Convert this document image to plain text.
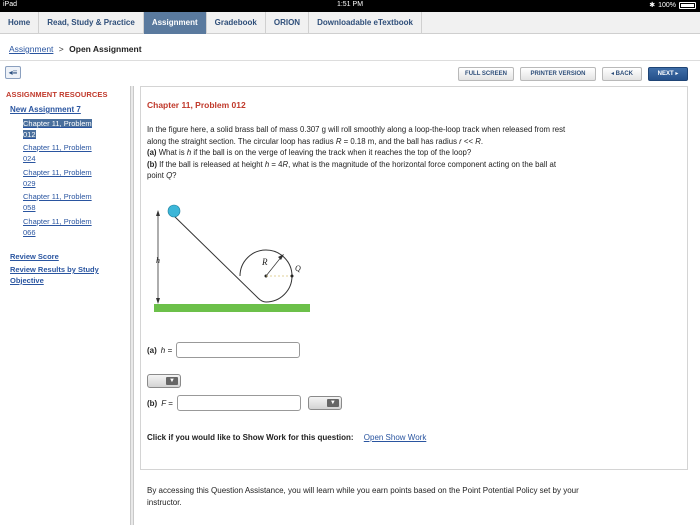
iPad	1:51 PM	✱ 100%
Home	Read, Study & Practice	Assignment	Gradebook	ORION	Downloadable eTextbook
Assignment > Open Assignment
◂≡	FULL SCREEN	PRINTER VERSION	◂ BACK	NEXT ▸
ASSIGNMENT RESOURCES
New Assignment 7
Chapter 11, Problem
012
Chapter 11, Problem
024
Chapter 11, Problem
029
Chapter 11, Problem
058
Chapter 11, Problem
066
Review Score
Review Results by Study
Objective
Chapter 11, Problem 012
In the figure here, a solid brass ball of mass 0.307 g will roll smoothly along a loop-the-loop track when released from rest
along the straight section. The circular loop has radius R = 0.18 m, and the ball has radius r << R.
(a) What is h if the ball is on the verge of leaving the track when it reaches the top of the loop?
(b) If the ball is released at height h = 4R, what is the magnitude of the horizontal force component acting on the ball at
point Q?
h	R
Q
(a) h =
▼
(b) F =	▼
Click if you would like to Show Work for this question: Open Show Work
By accessing this Question Assistance, you will learn while you earn points based on the Point Potential Policy set by your
instructor.
